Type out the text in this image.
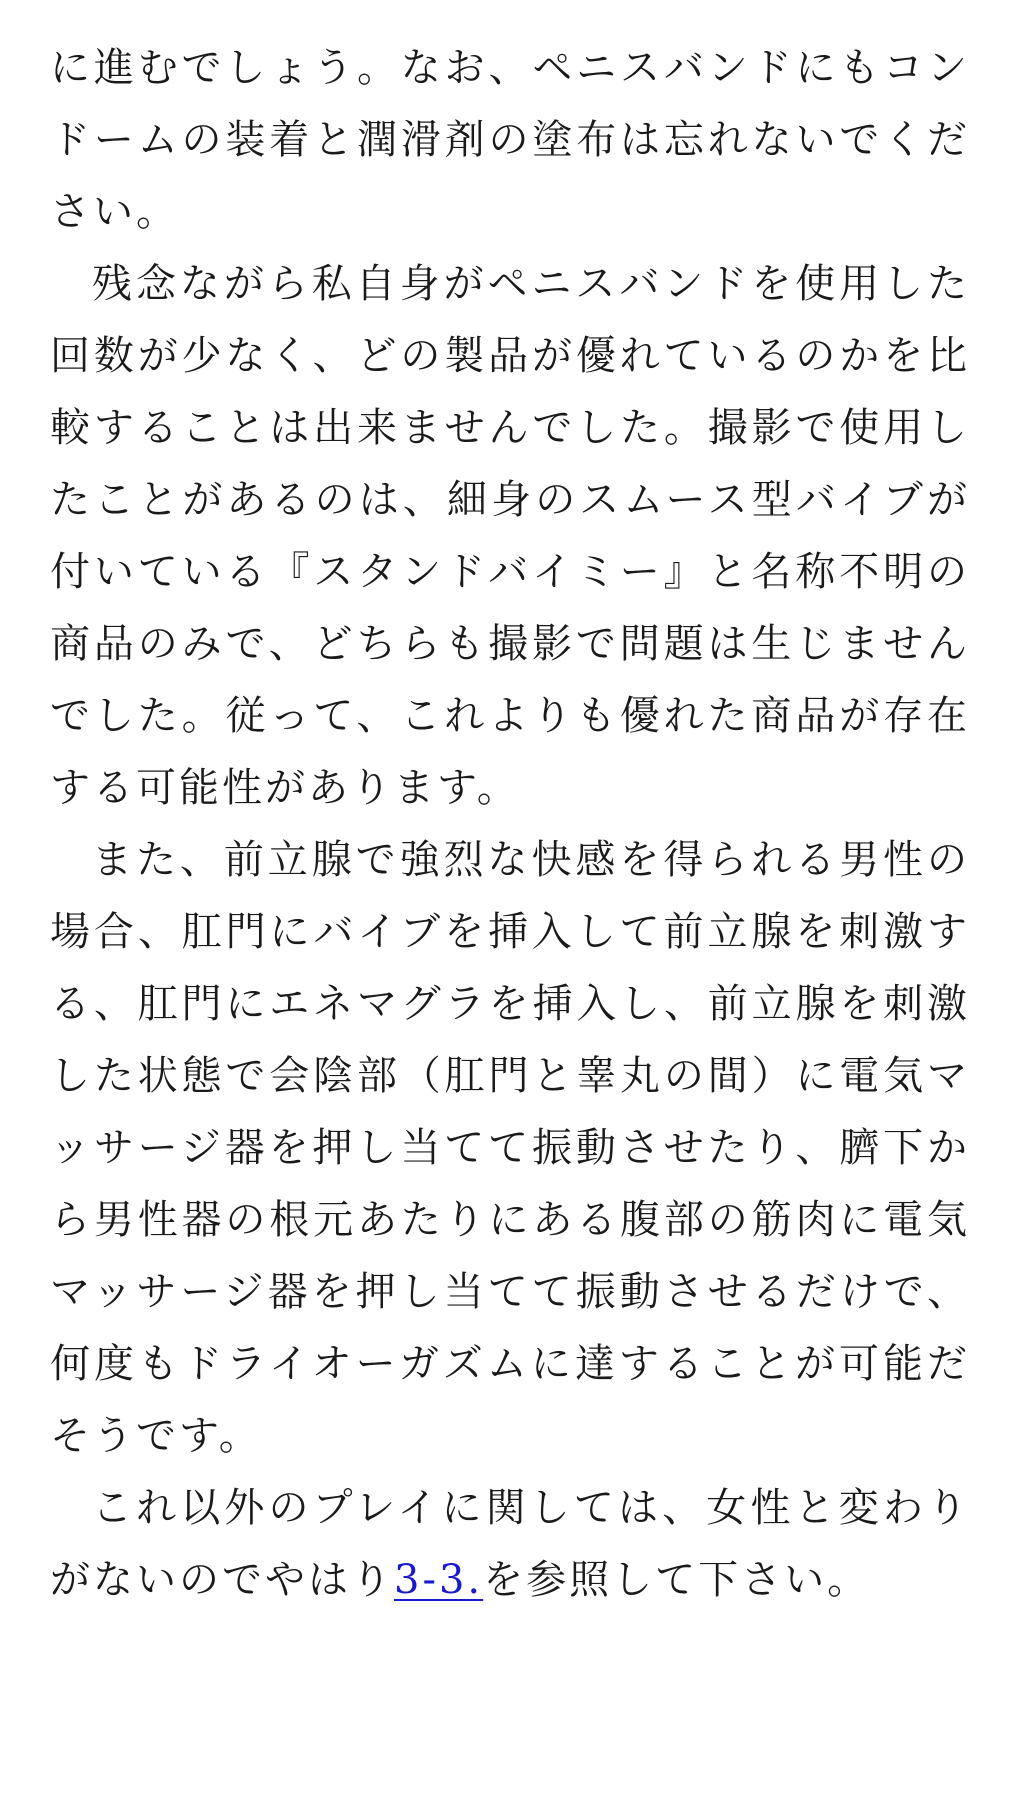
に進むでしょう。なお、ペニスバンドにもコンドームの装着と潤滑剤の塗布は忘れないでください。

残念ながら私自身がペニスバンドを使用した回数が少なく、どの製品が優れているのかを比較することは出来ませんでした。撮影で使用したことがあるのは、細身のスムース型バイブが付いている『スタンドバイミー』と名称不明の商品のみで、どちらも撮影で問題は生じませんでした。従って、これよりも優れた商品が存在する可能性があります。

また、前立腺で強烈な快感を得られる男性の場合、肛門にバイブを挿入して前立腺を刺激する、肛門にエネマグラを挿入し、前立腺を刺激した状態で会陰部（肛門と睾丸の間）に電気マッサージ器を押し当てて振動させたり、臍下から男性器の根元あたりにある腹部の筋肉に電気マッサージ器を押し当てて振動させるだけで、何度もドライオーガズムに達することが可能だそうです。

これ以外のプレイに関しては、女性と変わりがないのでやはり3-3.を参照して下さい。
